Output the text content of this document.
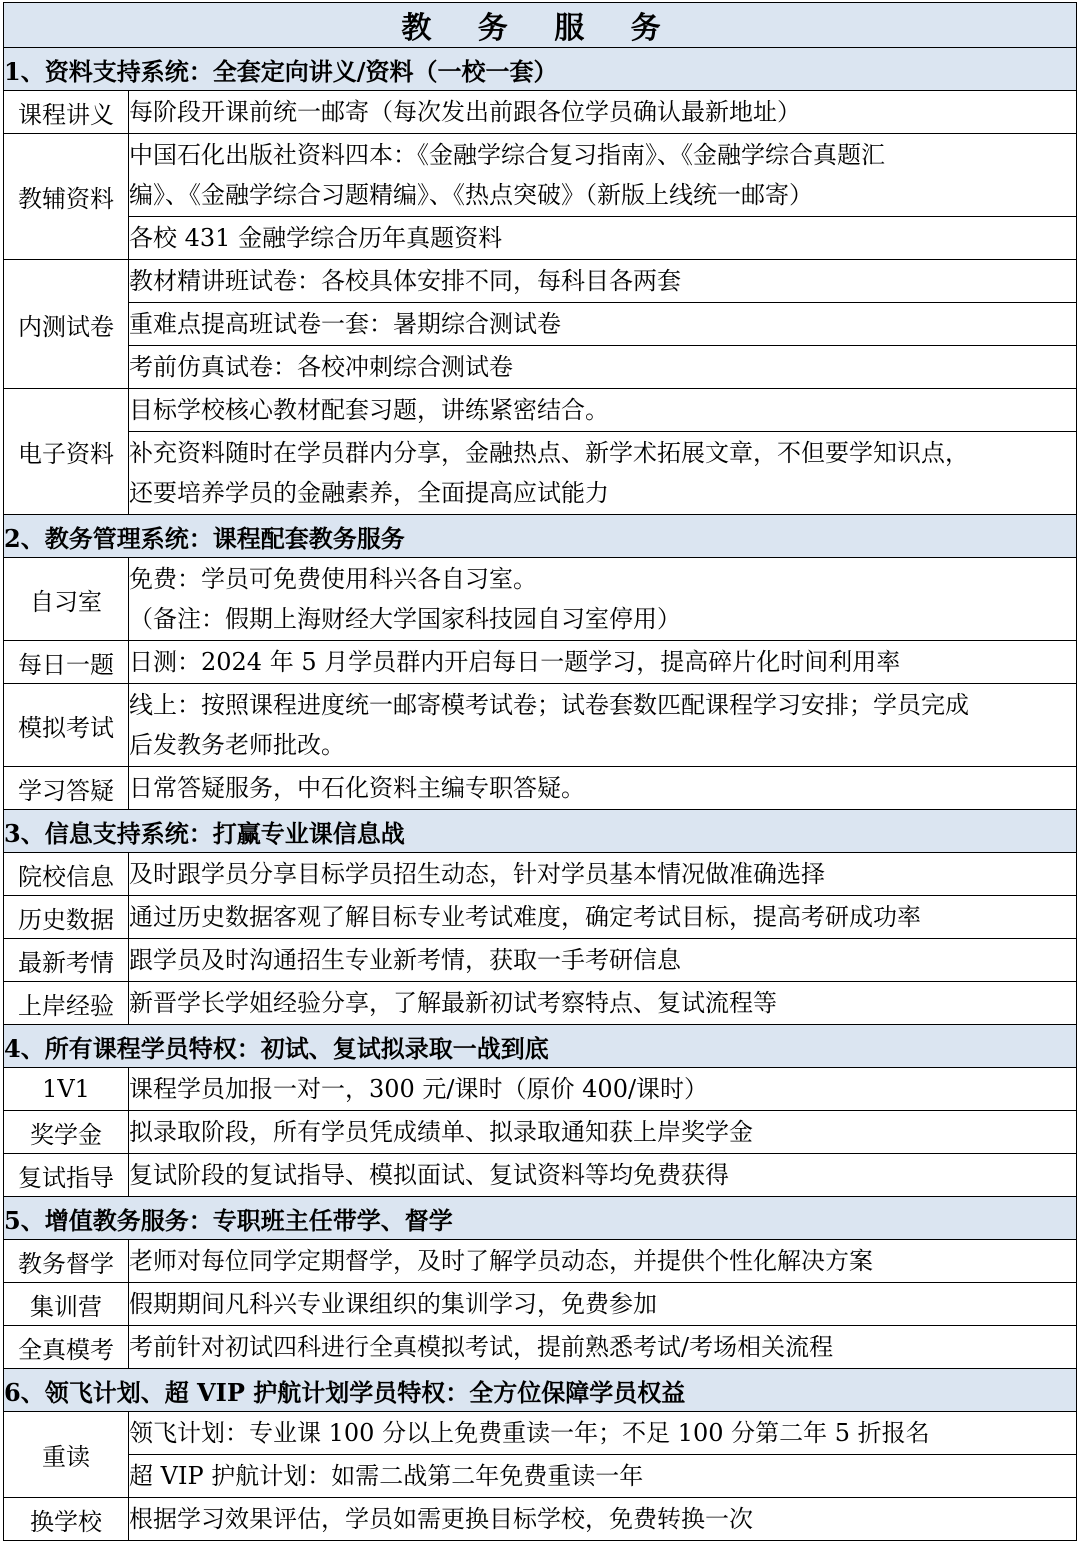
教 务 服 务	
1、资料支持系统：全套定向讲义/资料（一校一套）	
课程讲义	每阶段开课前统一邮寄（每次发出前跟各位学员确认最新地址）
教辅资料	中国石化出版社资料四本：《金融学综合复习指南》、《金融学综合真题汇
编》、《金融学综合习题精编》、《热点突破》（新版上线统一邮寄）
	各校 431 金融学综合历年真题资料
内测试卷	教材精讲班试卷：各校具体安排不同，每科目各两套
	重难点提高班试卷一套：暑期综合测试卷
	考前仿真试卷：各校冲刺综合测试卷
电子资料	目标学校核心教材配套习题，讲练紧密结合。
	补充资料随时在学员群内分享，金融热点、新学术拓展文章，不但要学知识点，
还要培养学员的金融素养，全面提高应试能力
2、教务管理系统：课程配套教务服务	
自习室	免费：学员可免费使用科兴各自习室。
（备注：假期上海财经大学国家科技园自习室停用）
每日一题	日测：2024 年 5 月学员群内开启每日一题学习，提高碎片化时间利用率
模拟考试	线上：按照课程进度统一邮寄模考试卷；试卷套数匹配课程学习安排；学员完成
后发教务老师批改。
学习答疑	日常答疑服务，中石化资料主编专职答疑。
3、信息支持系统：打赢专业课信息战	
院校信息	及时跟学员分享目标学员招生动态，针对学员基本情况做准确选择
历史数据	通过历史数据客观了解目标专业考试难度，确定考试目标，提高考研成功率
最新考情	跟学员及时沟通招生专业新考情，获取一手考研信息
上岸经验	新晋学长学姐经验分享，了解最新初试考察特点、复试流程等
4、所有课程学员特权：初试、复试拟录取一战到底	
1V1	课程学员加报一对一，300 元/课时（原价 400/课时）
奖学金	拟录取阶段，所有学员凭成绩单、拟录取通知获上岸奖学金
复试指导	复试阶段的复试指导、模拟面试、复试资料等均免费获得
5、增值教务服务：专职班主任带学、督学	
教务督学	老师对每位同学定期督学，及时了解学员动态，并提供个性化解决方案
集训营	假期期间凡科兴专业课组织的集训学习，免费参加
全真模考	考前针对初试四科进行全真模拟考试，提前熟悉考试/考场相关流程
6、领飞计划、超 VIP 护航计划学员特权：全方位保障学员权益	
重读	领飞计划：专业课 100 分以上免费重读一年；不足 100 分第二年 5 折报名
	超 VIP 护航计划：如需二战第二年免费重读一年
换学校	根据学习效果评估，学员如需更换目标学校，免费转换一次
